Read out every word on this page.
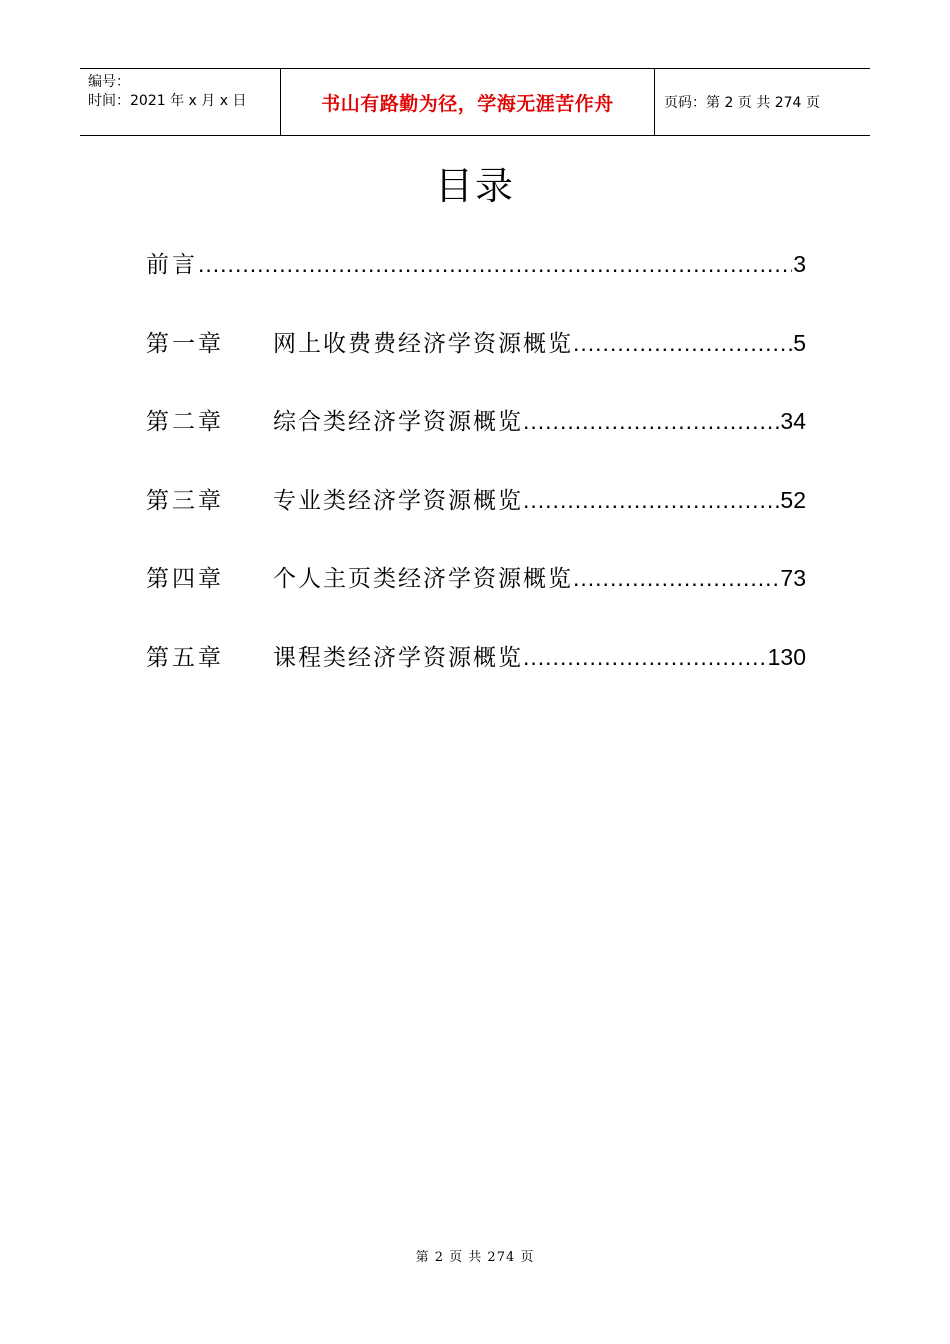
编号：
时间：2021 年 x 月 x 日	书山有路勤为径，学海无涯苦作舟	页码：第 2 页 共 274 页
目录
前言 .....	3
第一章	网上收费费经济学资源概览 .....	5
第二章	综合类经济学资源概览 .....	34
第三章	专业类经济学资源概览 .....	52
第四章	个人主页类经济学资源概览 .....	73
第五章	课程类经济学资源概览 .....	130
第 2 页 共 274 页
